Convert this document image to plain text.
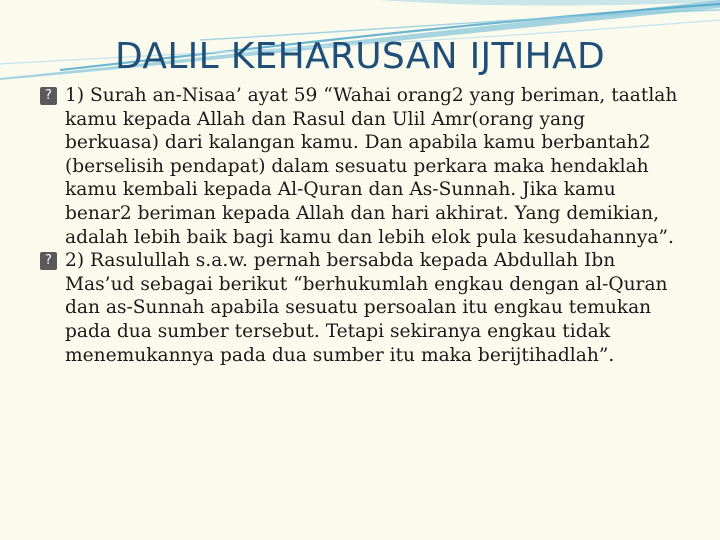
DALIL KEHARUSAN IJTIHAD

? 1) Surah an-Nisaa’ ayat 59 “Wahai orang2 yang beriman, taatlah kamu kepada Allah dan Rasul dan Ulil Amr(orang yang berkuasa) dari kalangan kamu. Dan apabila kamu berbantah2 (berselisih pendapat) dalam sesuatu perkara maka hendaklah kamu kembali kepada Al-Quran dan As-Sunnah. Jika kamu benar2 beriman kepada Allah dan hari akhirat. Yang demikian, adalah lebih baik bagi kamu dan lebih elok pula kesudahannya”.

? 2) Rasulullah s.a.w. pernah bersabda kepada Abdullah Ibn Mas’ud sebagai berikut “berhukumlah engkau dengan al-Quran dan as-Sunnah apabila sesuatu persoalan itu engkau temukan pada dua sumber tersebut. Tetapi sekiranya engkau tidak menemukannya pada dua sumber itu maka berijtihadlah”.
